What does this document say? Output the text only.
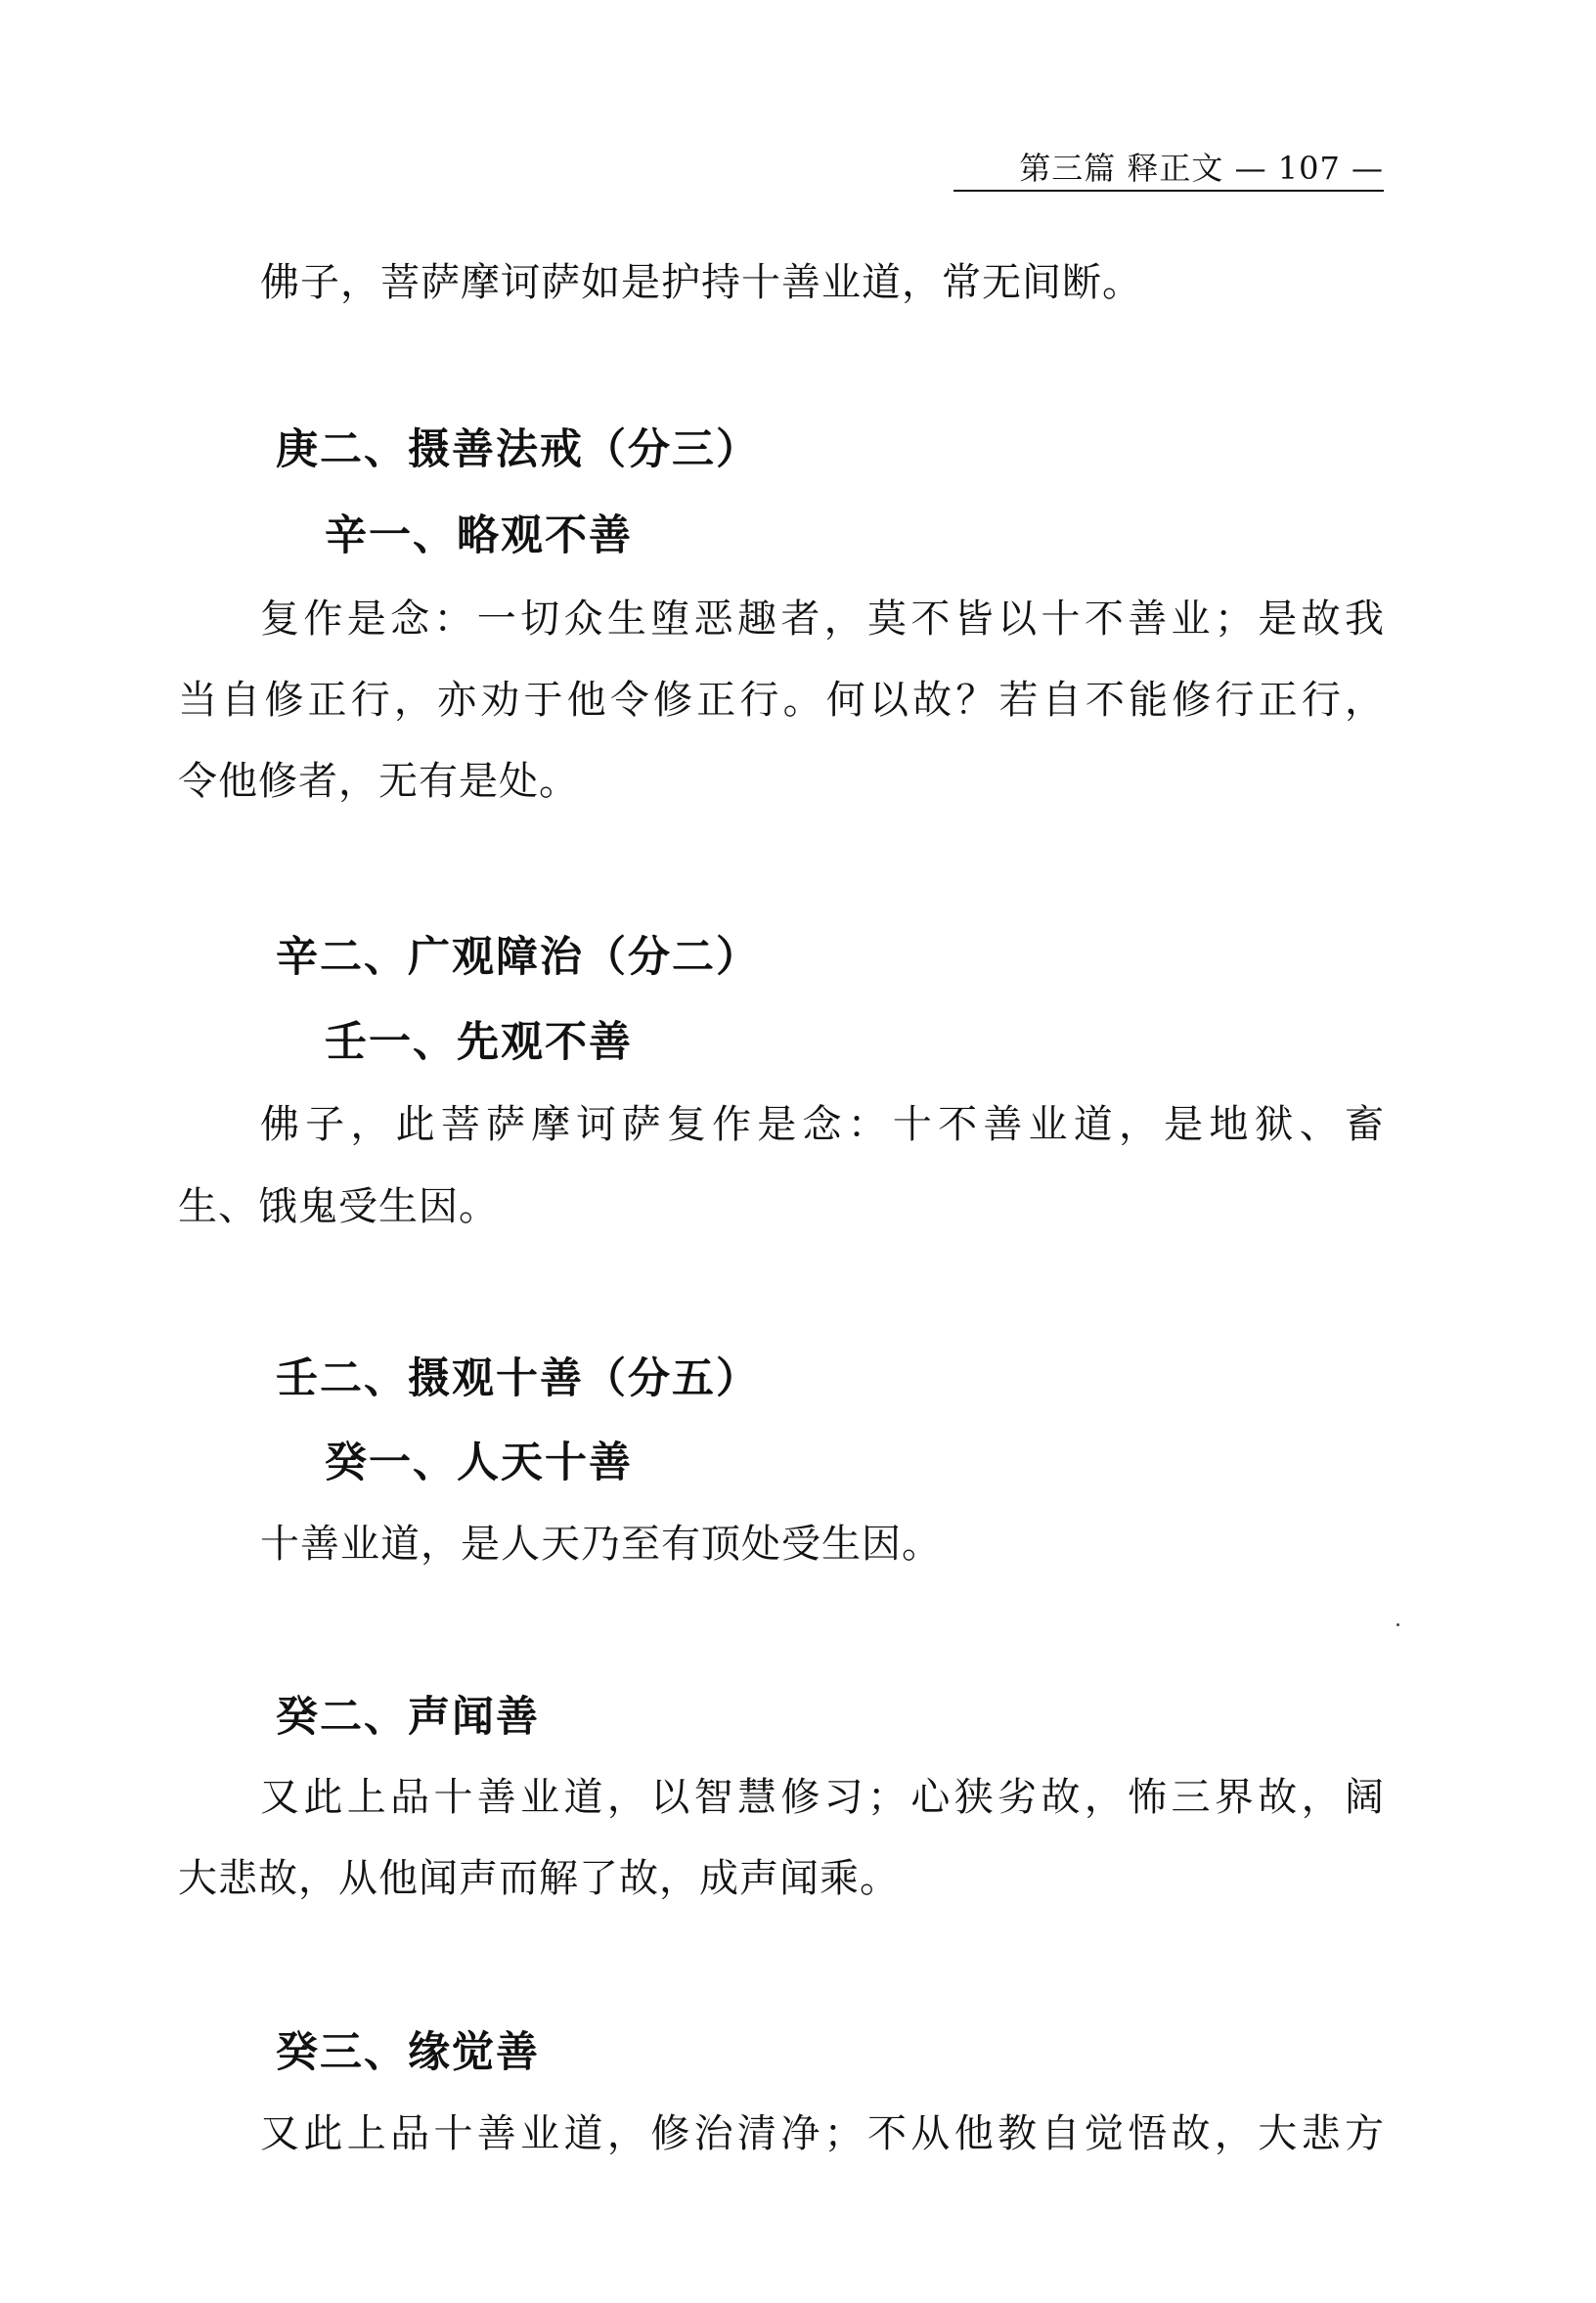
第三篇 释正文 — 107 —
佛子，菩萨摩诃萨如是护持十善业道，常无间断。
庚二、摄善法戒（分三）
辛一、略观不善
复作是念：一切众生堕恶趣者，莫不皆以十不善业；是故我
当自修正行，亦劝于他令修正行。何以故？若自不能修行正行，
令他修者，无有是处。
辛二、广观障治（分二）
壬一、先观不善
佛子，此菩萨摩诃萨复作是念：十不善业道，是地狱、畜
生、饿鬼受生因。
壬二、摄观十善（分五）
癸一、人天十善
十善业道，是人天乃至有顶处受生因。
癸二、声闻善
又此上品十善业道，以智慧修习；心狭劣故，怖三界故，阔
大悲故，从他闻声而解了故，成声闻乘。
癸三、缘觉善
又此上品十善业道，修治清净；不从他教自觉悟故，大悲方
